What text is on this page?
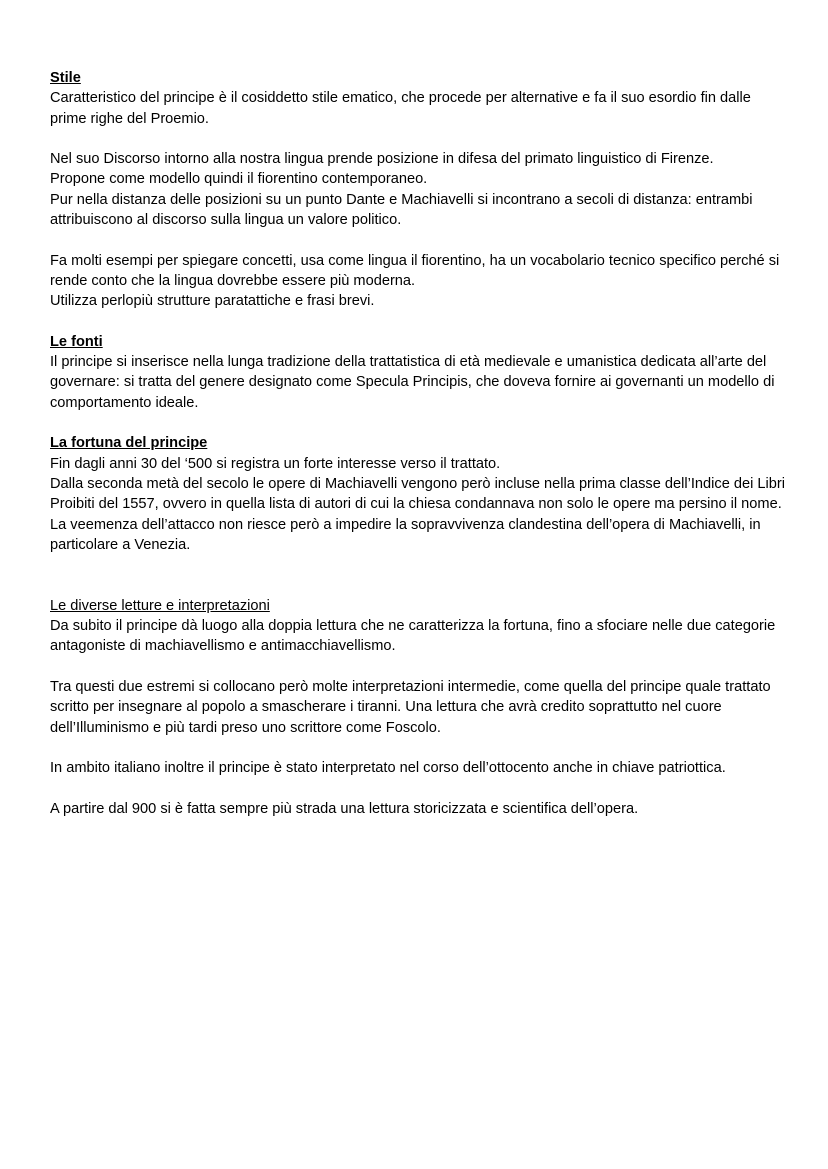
Stile

Caratteristico del principe è il cosiddetto stile ematico, che procede per alternative e fa il suo esordio fin dalle prime righe del Proemio.

Nel suo Discorso intorno alla nostra lingua prende posizione in difesa del primato linguistico di Firenze.

Propone come modello quindi il fiorentino contemporaneo.

Pur nella distanza delle posizioni su un punto Dante e Machiavelli si incontrano a secoli di distanza: entrambi attribuiscono al discorso sulla lingua un valore politico.

Fa molti esempi per spiegare concetti, usa come lingua il fiorentino, ha un vocabolario tecnico specifico perché si rende conto che la lingua dovrebbe essere più moderna.

Utilizza perlopiù strutture paratattiche e frasi brevi.

Le fonti

Il principe si inserisce nella lunga tradizione della trattatistica di età medievale e umanistica dedicata all’arte del governare: si tratta del genere designato come Specula Principis, che doveva fornire ai governanti un modello di comportamento ideale.

La fortuna del principe

Fin dagli anni 30 del ‘500 si registra un forte interesse verso il trattato.

Dalla seconda metà del secolo le opere di Machiavelli vengono però incluse nella prima classe dell’Indice dei Libri Proibiti del 1557, ovvero in quella lista di autori di cui la chiesa condannava non solo le opere ma persino il nome.

La veemenza dell’attacco non riesce però a impedire la sopravvivenza clandestina dell’opera di Machiavelli, in particolare a Venezia.

Le diverse letture e interpretazioni

Da subito il principe dà luogo alla doppia lettura che ne caratterizza la fortuna, fino a sfociare nelle due categorie antagoniste di machiavellismo e antimacchiavellismo.

Tra questi due estremi si collocano però molte interpretazioni intermedie, come quella del principe quale trattato scritto per insegnare al popolo a smascherare i tiranni. Una lettura che avrà credito soprattutto nel cuore dell’Illuminismo e più tardi preso uno scrittore come Foscolo.

In ambito italiano inoltre il principe è stato interpretato nel corso dell’ottocento anche in chiave patriottica.

A partire dal 900 si è fatta sempre più strada una lettura storicizzata e scientifica dell’opera.
